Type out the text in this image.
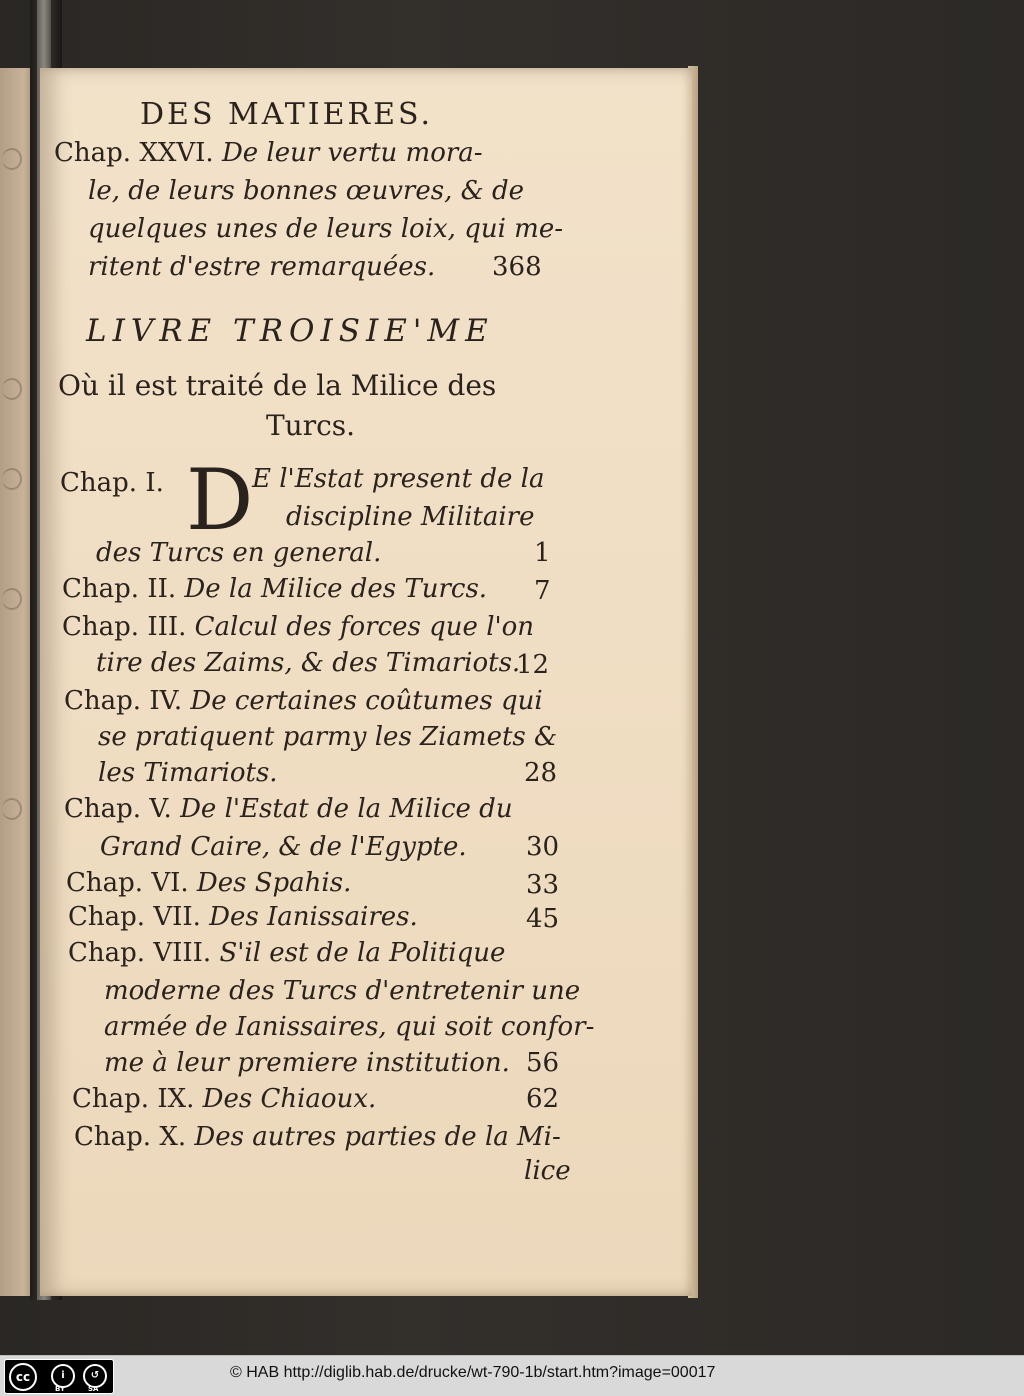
DES MATIERES.
Chap. XXVI. De leur vertu mora-
le, de leurs bonnes œuvres, & de
quelques unes de leurs loix, qui me-
ritent d'estre remarquées. 368
LIVRE TROISIE'ME
Où il est traité de la Milice des
Turcs.
Chap. I. D
E l'Estat present de la
discipline Militaire
des Turcs en general.	1
Chap. II. De la Milice des Turcs. 7
Chap. III. Calcul des forces que l'on
tire des Zaims, & des Timariots.
12
Chap. IV. De certaines coûtumes qui
se pratiquent parmy les Ziamets &
les Timariots.	28
Chap. V. De l'Estat de la Milice du
Grand Caire, & de l'Egypte. 30
Chap. VI. Des Spahis.	33
Chap. VII. Des Ianissaires.	45
Chap. VIII. S'il est de la Politique
moderne des Turcs d'entretenir une
armée de Ianissaires, qui soit confor-
me à leur premiere institution. 56
Chap. IX. Des Chiaoux.	62
Chap. X. Des autres parties de la Mi-
lice
cc	i	↺
BY	SA
© HAB http://diglib.hab.de/drucke/wt-790-1b/start.htm?image=00017
